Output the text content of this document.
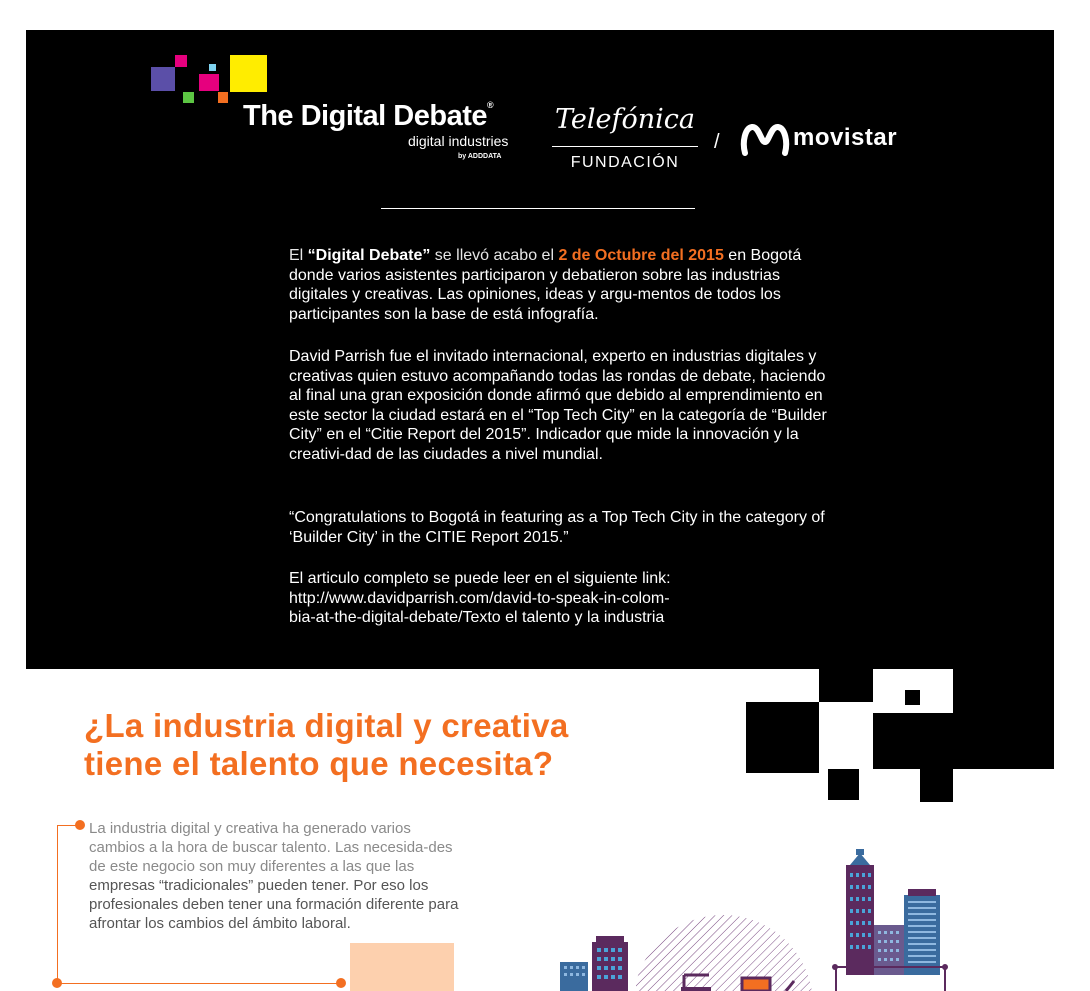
The Digital Debate®
digital industries
by ADDDATA
Telefónica
FUNDACIÓN
/	movistar

El “Digital Debate” se llevó acabo el 2 de Octubre del 2015 en Bogotá donde varios asistentes participaron y debatieron sobre las industrias digitales y creativas. Las opiniones, ideas y argu-mentos de todos los participantes son la base de está infografía.

David Parrish fue el invitado internacional, experto en industrias digitales y creativas quien estuvo acompañando todas las rondas de debate, haciendo al final una gran exposición donde afirmó que debido al emprendimiento en este sector la ciudad estará en el “Top Tech City” en la categoría de “Builder City” en el “Citie Report del 2015”. Indicador que mide la innovación y la creativi-dad de las ciudades a nivel mundial.

“Congratulations to Bogotá in featuring as a Top Tech City in the category of ‘Builder City’ in the CITIE Report 2015.”

El articulo completo se puede leer en el siguiente link:
http://www.davidparrish.com/david-to-speak-in-colom-
bia-at-the-digital-debate/Texto el talento y la industria

¿La industria digital y creativa
tiene el talento que necesita?

La industria digital y creativa ha generado varios cambios a la hora de buscar talento. Las necesida-des de este negocio son muy diferentes a las que las empresas “tradicionales” pueden tener. Por eso los profesionales deben tener una formación diferente para afrontar los cambios del ámbito laboral.
